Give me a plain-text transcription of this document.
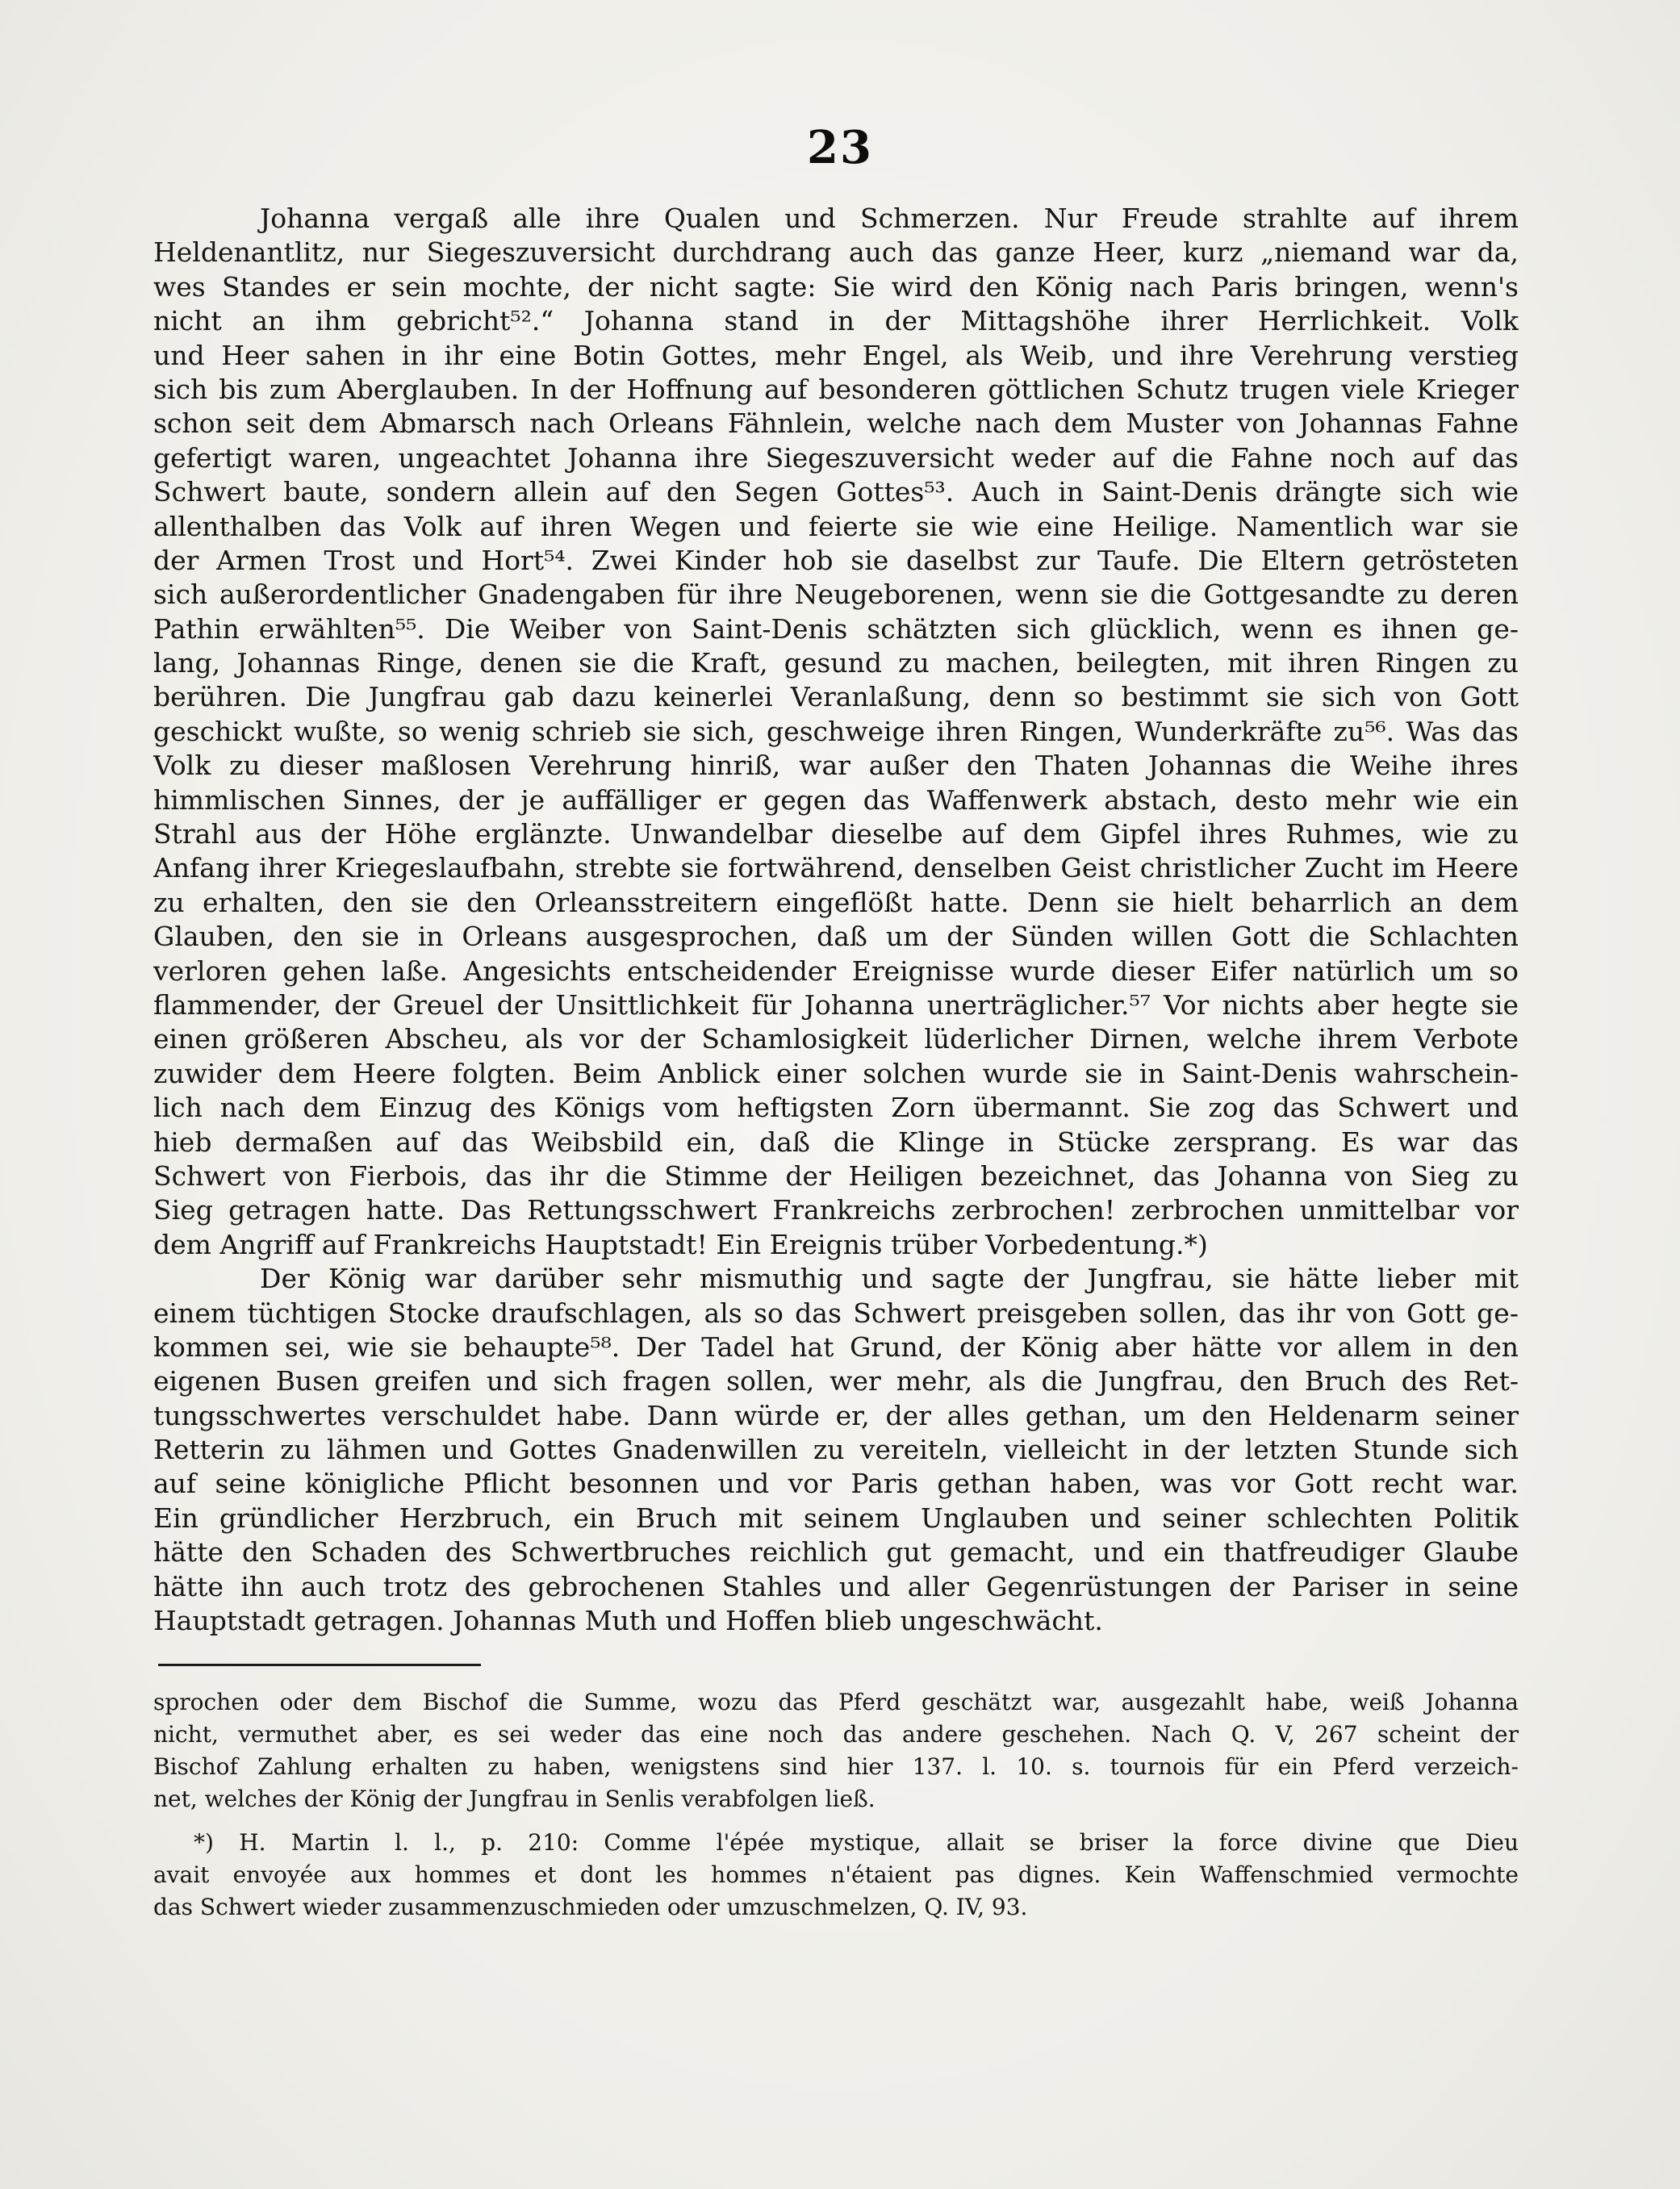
23
Johanna vergaß alle ihre Qualen und Schmerzen. Nur Freude strahlte auf ihrem
Heldenantlitz, nur Siegeszuversicht durchdrang auch das ganze Heer, kurz „niemand war da,
wes Standes er sein mochte, der nicht sagte: Sie wird den König nach Paris bringen, wenn's
nicht an ihm gebricht⁵².“ Johanna stand in der Mittagshöhe ihrer Herrlichkeit. Volk
und Heer sahen in ihr eine Botin Gottes, mehr Engel, als Weib, und ihre Verehrung verstieg
sich bis zum Aberglauben. In der Hoffnung auf besonderen göttlichen Schutz trugen viele Krieger
schon seit dem Abmarsch nach Orleans Fähnlein, welche nach dem Muster von Johannas Fahne
gefertigt waren, ungeachtet Johanna ihre Siegeszuversicht weder auf die Fahne noch auf das
Schwert baute, sondern allein auf den Segen Gottes⁵³. Auch in Saint-Denis drängte sich wie
allenthalben das Volk auf ihren Wegen und feierte sie wie eine Heilige. Namentlich war sie
der Armen Trost und Hort⁵⁴. Zwei Kinder hob sie daselbst zur Taufe. Die Eltern getrösteten
sich außerordentlicher Gnadengaben für ihre Neugeborenen, wenn sie die Gottgesandte zu deren
Pathin erwählten⁵⁵. Die Weiber von Saint-Denis schätzten sich glücklich, wenn es ihnen ge-
lang, Johannas Ringe, denen sie die Kraft, gesund zu machen, beilegten, mit ihren Ringen zu
berühren. Die Jungfrau gab dazu keinerlei Veranlaßung, denn so bestimmt sie sich von Gott
geschickt wußte, so wenig schrieb sie sich, geschweige ihren Ringen, Wunderkräfte zu⁵⁶. Was das
Volk zu dieser maßlosen Verehrung hinriß, war außer den Thaten Johannas die Weihe ihres
himmlischen Sinnes, der je auffälliger er gegen das Waffenwerk abstach, desto mehr wie ein
Strahl aus der Höhe erglänzte. Unwandelbar dieselbe auf dem Gipfel ihres Ruhmes, wie zu
Anfang ihrer Kriegeslaufbahn, strebte sie fortwährend, denselben Geist christlicher Zucht im Heere
zu erhalten, den sie den Orleansstreitern eingeflößt hatte. Denn sie hielt beharrlich an dem
Glauben, den sie in Orleans ausgesprochen, daß um der Sünden willen Gott die Schlachten
verloren gehen laße. Angesichts entscheidender Ereignisse wurde dieser Eifer natürlich um so
flammender, der Greuel der Unsittlichkeit für Johanna unerträglicher.⁵⁷ Vor nichts aber hegte sie
einen größeren Abscheu, als vor der Schamlosigkeit lüderlicher Dirnen, welche ihrem Verbote
zuwider dem Heere folgten. Beim Anblick einer solchen wurde sie in Saint-Denis wahrschein-
lich nach dem Einzug des Königs vom heftigsten Zorn übermannt. Sie zog das Schwert und
hieb dermaßen auf das Weibsbild ein, daß die Klinge in Stücke zersprang. Es war das
Schwert von Fierbois, das ihr die Stimme der Heiligen bezeichnet, das Johanna von Sieg zu
Sieg getragen hatte. Das Rettungsschwert Frankreichs zerbrochen! zerbrochen unmittelbar vor
dem Angriff auf Frankreichs Hauptstadt! Ein Ereignis trüber Vorbedentung.*)
Der König war darüber sehr mismuthig und sagte der Jungfrau, sie hätte lieber mit
einem tüchtigen Stocke draufschlagen, als so das Schwert preisgeben sollen, das ihr von Gott ge-
kommen sei, wie sie behaupte⁵⁸. Der Tadel hat Grund, der König aber hätte vor allem in den
eigenen Busen greifen und sich fragen sollen, wer mehr, als die Jungfrau, den Bruch des Ret-
tungsschwertes verschuldet habe. Dann würde er, der alles gethan, um den Heldenarm seiner
Retterin zu lähmen und Gottes Gnadenwillen zu vereiteln, vielleicht in der letzten Stunde sich
auf seine königliche Pflicht besonnen und vor Paris gethan haben, was vor Gott recht war.
Ein gründlicher Herzbruch, ein Bruch mit seinem Unglauben und seiner schlechten Politik
hätte den Schaden des Schwertbruches reichlich gut gemacht, und ein thatfreudiger Glaube
hätte ihn auch trotz des gebrochenen Stahles und aller Gegenrüstungen der Pariser in seine
Hauptstadt getragen. Johannas Muth und Hoffen blieb ungeschwächt.
sprochen oder dem Bischof die Summe, wozu das Pferd geschätzt war, ausgezahlt habe, weiß Johanna
nicht, vermuthet aber, es sei weder das eine noch das andere geschehen. Nach Q. V, 267 scheint der
Bischof Zahlung erhalten zu haben, wenigstens sind hier 137. l. 10. s. tournois für ein Pferd verzeich-
net, welches der König der Jungfrau in Senlis verabfolgen ließ.
*) H. Martin l. l., p. 210: Comme l'épée mystique, allait se briser la force divine que Dieu
avait envoyée aux hommes et dont les hommes n'étaient pas dignes. Kein Waffenschmied vermochte
das Schwert wieder zusammenzuschmieden oder umzuschmelzen, Q. IV, 93.
